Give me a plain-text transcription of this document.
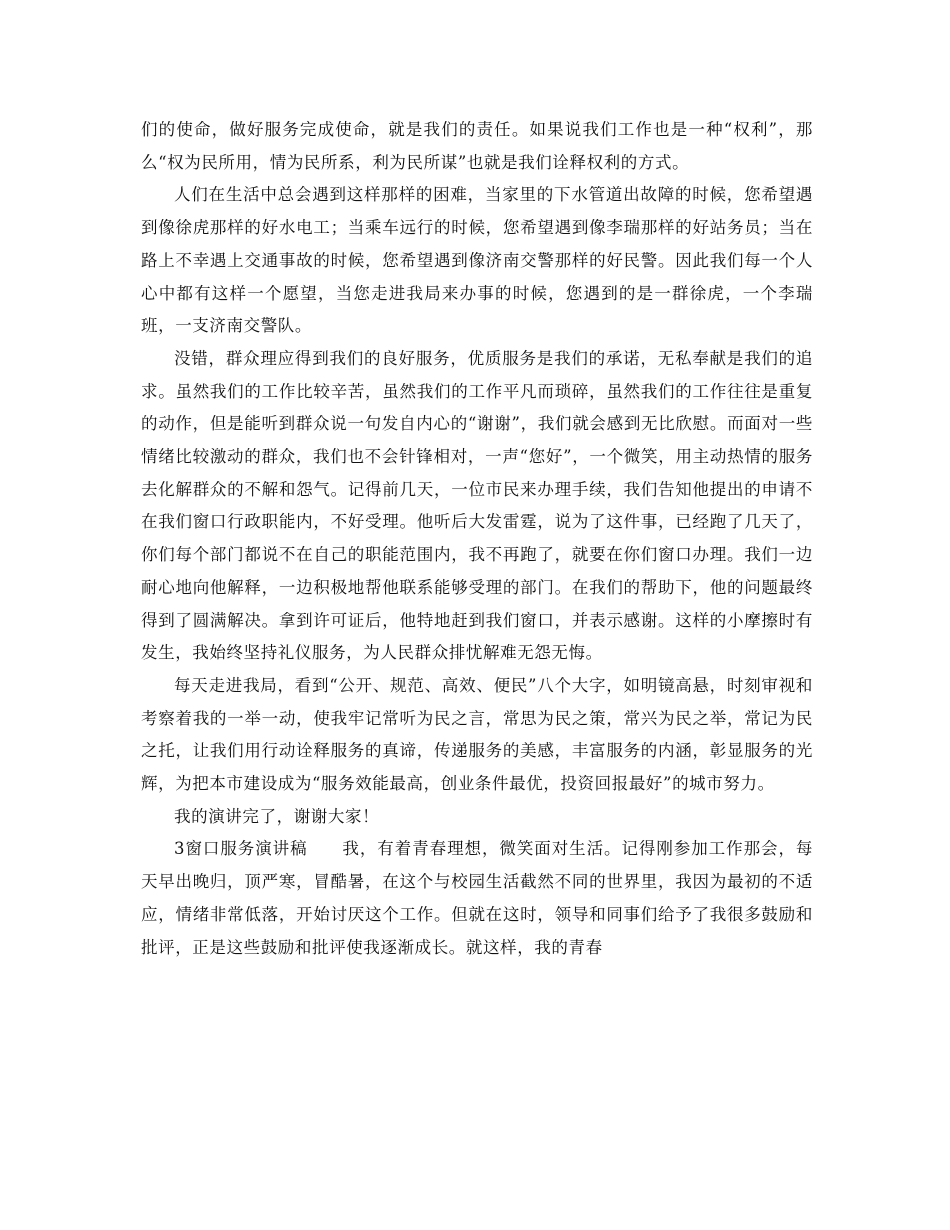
们的使命，做好服务完成使命，就是我们的责任。如果说我们工作也是一种“权利”，那么“权为民所用，情为民所系，利为民所谋”也就是我们诠释权利的方式。

人们在生活中总会遇到这样那样的困难，当家里的下水管道出故障的时候，您希望遇到像徐虎那样的好水电工；当乘车远行的时候，您希望遇到像李瑞那样的好站务员；当在路上不幸遇上交通事故的时候，您希望遇到像济南交警那样的好民警。因此我们每一个人心中都有这样一个愿望，当您走进我局来办事的时候，您遇到的是一群徐虎，一个李瑞班，一支济南交警队。

没错，群众理应得到我们的良好服务，优质服务是我们的承诺，无私奉献是我们的追求。虽然我们的工作比较辛苦，虽然我们的工作平凡而琐碎，虽然我们的工作往往是重复的动作，但是能听到群众说一句发自内心的“谢谢”，我们就会感到无比欣慰。而面对一些情绪比较激动的群众，我们也不会针锋相对，一声“您好”，一个微笑，用主动热情的服务去化解群众的不解和怨气。记得前几天，一位市民来办理手续，我们告知他提出的申请不在我们窗口行政职能内，不好受理。他听后大发雷霆，说为了这件事，已经跑了几天了，你们每个部门都说不在自己的职能范围内，我不再跑了，就要在你们窗口办理。我们一边耐心地向他解释，一边积极地帮他联系能够受理的部门。在我们的帮助下，他的问题最终得到了圆满解决。拿到许可证后，他特地赶到我们窗口，并表示感谢。这样的小摩擦时有发生，我始终坚持礼仪服务，为人民群众排忧解难无怨无悔。

每天走进我局，看到“公开、规范、高效、便民”八个大字，如明镜高悬，时刻审视和考察着我的一举一动，使我牢记常听为民之言，常思为民之策，常兴为民之举，常记为民之托，让我们用行动诠释服务的真谛，传递服务的美感，丰富服务的内涵，彰显服务的光辉，为把本市建设成为“服务效能最高，创业条件最优，投资回报最好”的城市努力。

我的演讲完了，谢谢大家！

3窗口服务演讲稿　　我，有着青春理想，微笑面对生活。记得刚参加工作那会，每天早出晚归，顶严寒，冒酷暑，在这个与校园生活截然不同的世界里，我因为最初的不适应，情绪非常低落，开始讨厌这个工作。但就在这时，领导和同事们给予了我很多鼓励和批评，正是这些鼓励和批评使我逐渐成长。就这样，我的青春
